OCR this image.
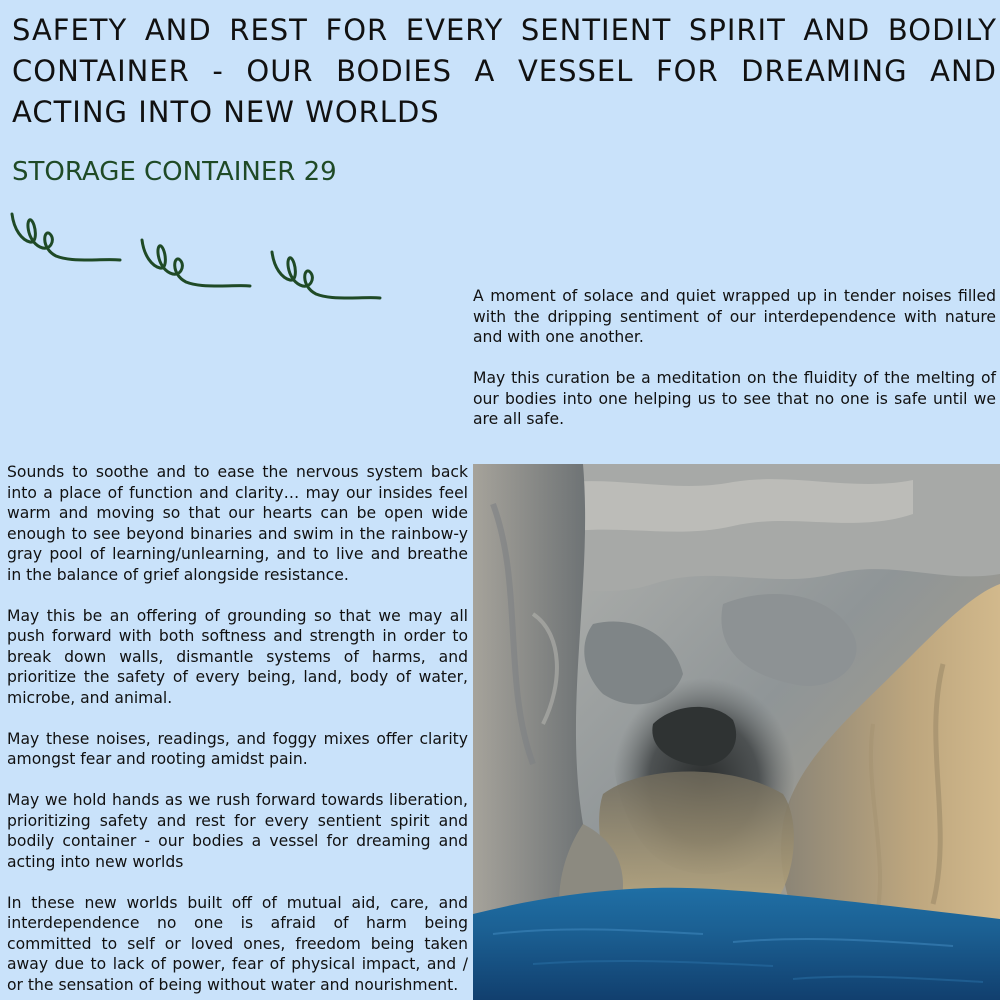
SAFETY AND REST FOR EVERY SENTIENT SPIRIT AND BODILY CONTAINER - OUR BODIES A VESSEL FOR DREAMING AND ACTING INTO NEW WORLDS
STORAGE CONTAINER 29

A moment of solace and quiet wrapped up in tender noises filled with the dripping sentiment of our interdependence with nature and with one another.

May this curation be a meditation on the fluidity of the melting of our bodies into one helping us to see that no one is safe until we are all safe.

Sounds to soothe and to ease the nervous system back into a place of function and clarity… may our insides feel warm and moving so that our hearts can be open wide enough to see beyond binaries and swim in the rainbow-y gray pool of learning/unlearning, and to live and breathe in the balance of grief alongside resistance.

May this be an offering of grounding so that we may all push forward with both softness and strength in order to break down walls, dismantle systems of harms, and prioritize the safety of every being, land, body of water, microbe, and animal.

May these noises, readings, and foggy mixes offer clarity amongst fear and rooting amidst pain.

May we hold hands as we rush forward towards liberation, prioritizing safety and rest for every sentient spirit and bodily container - our bodies a vessel for dreaming and acting into new worlds

In these new worlds built off of mutual aid, care, and interdependence no one is afraid of harm being committed to self or loved ones, freedom being taken away due to lack of power, fear of physical impact, and / or the sensation of being without water and nourishment.
